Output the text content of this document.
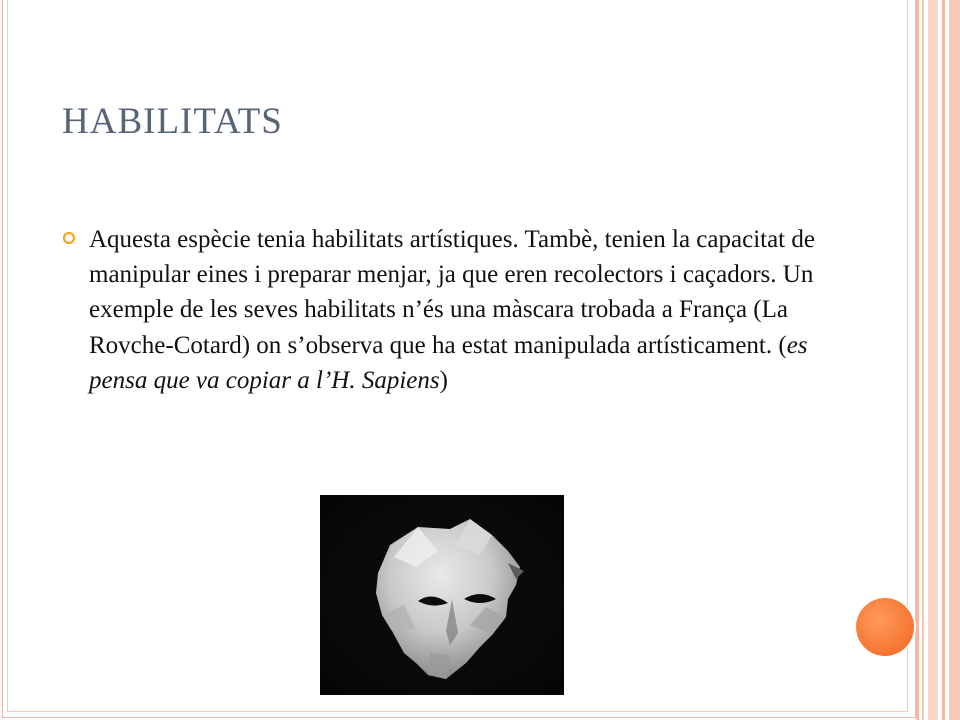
HABILITATS
Aquesta espècie tenia habilitats artístiques. Tambè, tenien la capacitat de manipular eines i preparar menjar, ja que eren recolectors i caçadors. Un exemple de les seves habilitats n’és una màscara trobada a França (La Rovche-Cotard) on s’observa que ha estat manipulada artísticament. (es pensa que va copiar a l’H. Sapiens)
